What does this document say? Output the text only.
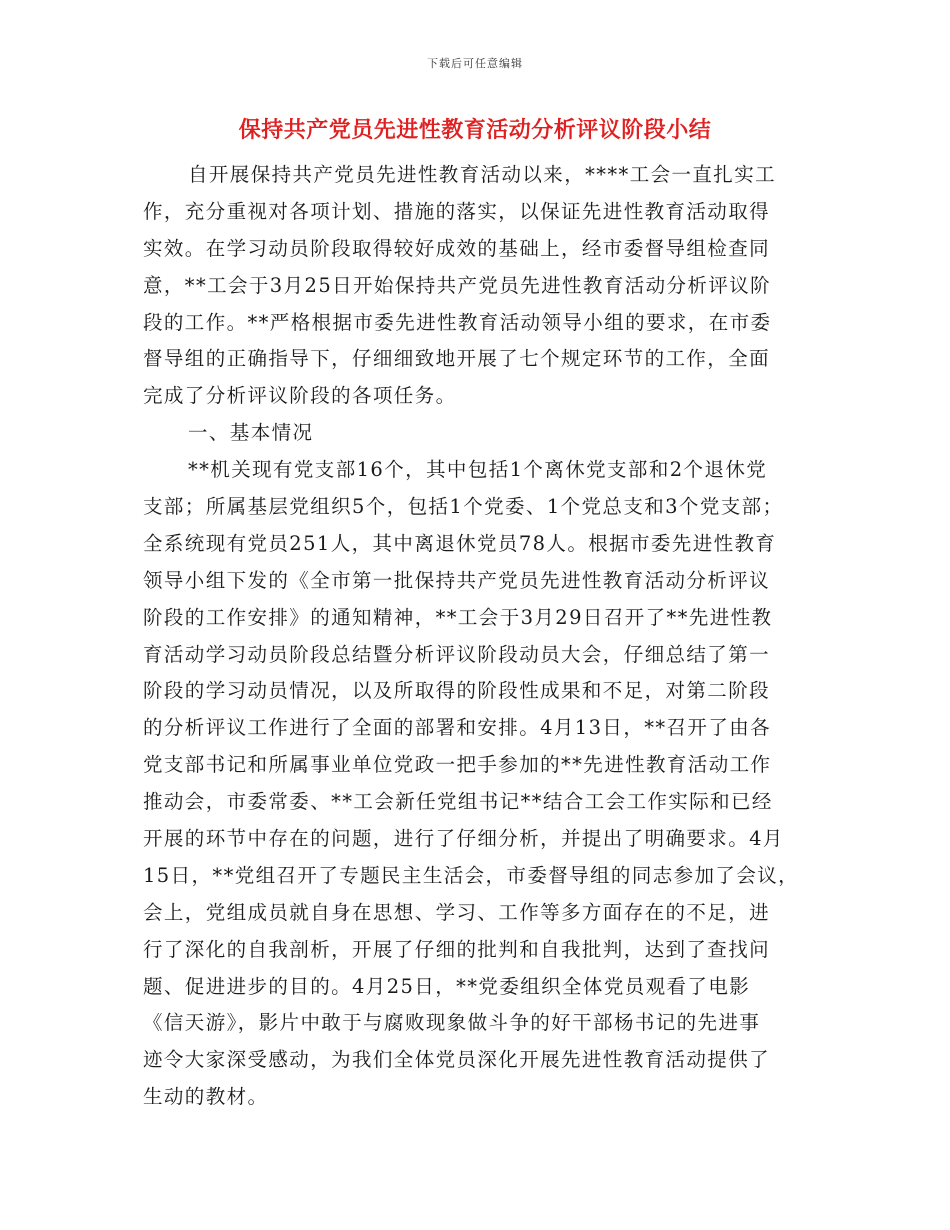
下载后可任意编辑
保持共产党员先进性教育活动分析评议阶段小结
自开展保持共产党员先进性教育活动以来，****工会一直扎实工
作，充分重视对各项计划、措施的落实，以保证先进性教育活动取得
实效。在学习动员阶段取得较好成效的基础上，经市委督导组检查同
意，**工会于3月25日开始保持共产党员先进性教育活动分析评议阶
段的工作。**严格根据市委先进性教育活动领导小组的要求，在市委
督导组的正确指导下，仔细细致地开展了七个规定环节的工作，全面
完成了分析评议阶段的各项任务。
一、基本情况
**机关现有党支部16个，其中包括1个离休党支部和2个退休党
支部；所属基层党组织5个，包括1个党委、1个党总支和3个党支部；
全系统现有党员251人，其中离退休党员78人。根据市委先进性教育
领导小组下发的《全市第一批保持共产党员先进性教育活动分析评议
阶段的工作安排》的通知精神，**工会于3月29日召开了**先进性教
育活动学习动员阶段总结暨分析评议阶段动员大会，仔细总结了第一
阶段的学习动员情况，以及所取得的阶段性成果和不足，对第二阶段
的分析评议工作进行了全面的部署和安排。4月13日，**召开了由各
党支部书记和所属事业单位党政一把手参加的**先进性教育活动工作
推动会，市委常委、**工会新任党组书记**结合工会工作实际和已经
开展的环节中存在的问题，进行了仔细分析，并提出了明确要求。4月
15日，**党组召开了专题民主生活会，市委督导组的同志参加了会议，
会上，党组成员就自身在思想、学习、工作等多方面存在的不足，进
行了深化的自我剖析，开展了仔细的批判和自我批判，达到了查找问
题、促进进步的目的。4月25日，**党委组织全体党员观看了电影
《信天游》，影片中敢于与腐败现象做斗争的好干部杨书记的先进事
迹令大家深受感动，为我们全体党员深化开展先进性教育活动提供了
生动的教材。
